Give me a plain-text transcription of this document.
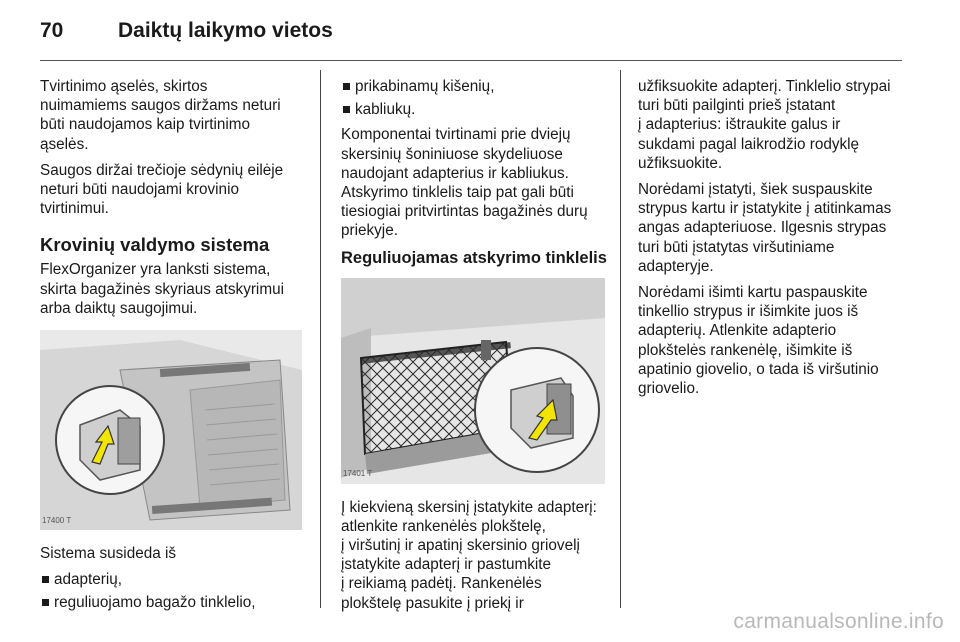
70	Daiktų laikymo vietos

Tvirtinimo ąselės, skirtos
nuimamiems saugos diržams neturi
būti naudojamos kaip tvirtinimo
ąselės.

Saugos diržai trečioje sėdynių eilėje
neturi būti naudojami krovinio
tvirtinimui.

Krovinių valdymo sistema

FlexOrganizer yra lanksti sistema,
skirta bagažinės skyriaus atskyrimui
arba daiktų saugojimui.

17400 T

Sistema susideda iš

adapterių,
reguliuojamo bagažo tinklelio,
prikabinamų kišenių,
kabliukų.

Komponentai tvirtinami prie dviejų
skersinių šoniniuose skydeliuose
naudojant adapterius ir kabliukus.
Atskyrimo tinklelis taip pat gali būti
tiesiogiai pritvirtintas bagažinės durų
priekyje.

Reguliuojamas atskyrimo tinklelis
17401 T

Į kiekvieną skersinį įstatykite adapterį:
atlenkite rankenėlės plokštelę,
į viršutinį ir apatinį skersinio griovelį
įstatykite adapterį ir pastumkite
į reikiamą padėtį. Rankenėlės
plokštelę pasukite į priekį ir

užfiksuokite adapterį. Tinklelio strypai
turi būti pailginti prieš įstatant
į adapterius: ištraukite galus ir
sukdami pagal laikrodžio rodyklę
užfiksuokite.

Norėdami įstatyti, šiek suspauskite
strypus kartu ir įstatykite į atitinkamas
angas adapteriuose. Ilgesnis strypas
turi būti įstatytas viršutiniame
adapteryje.

Norėdami išimti kartu paspauskite
tinkellio strypus ir išimkite juos iš
adapterių. Atlenkite adapterio
plokštelės rankenėlę, išimkite iš
apatinio giovelio, o tada iš viršutinio
griovelio.

carmanualsonline.info
